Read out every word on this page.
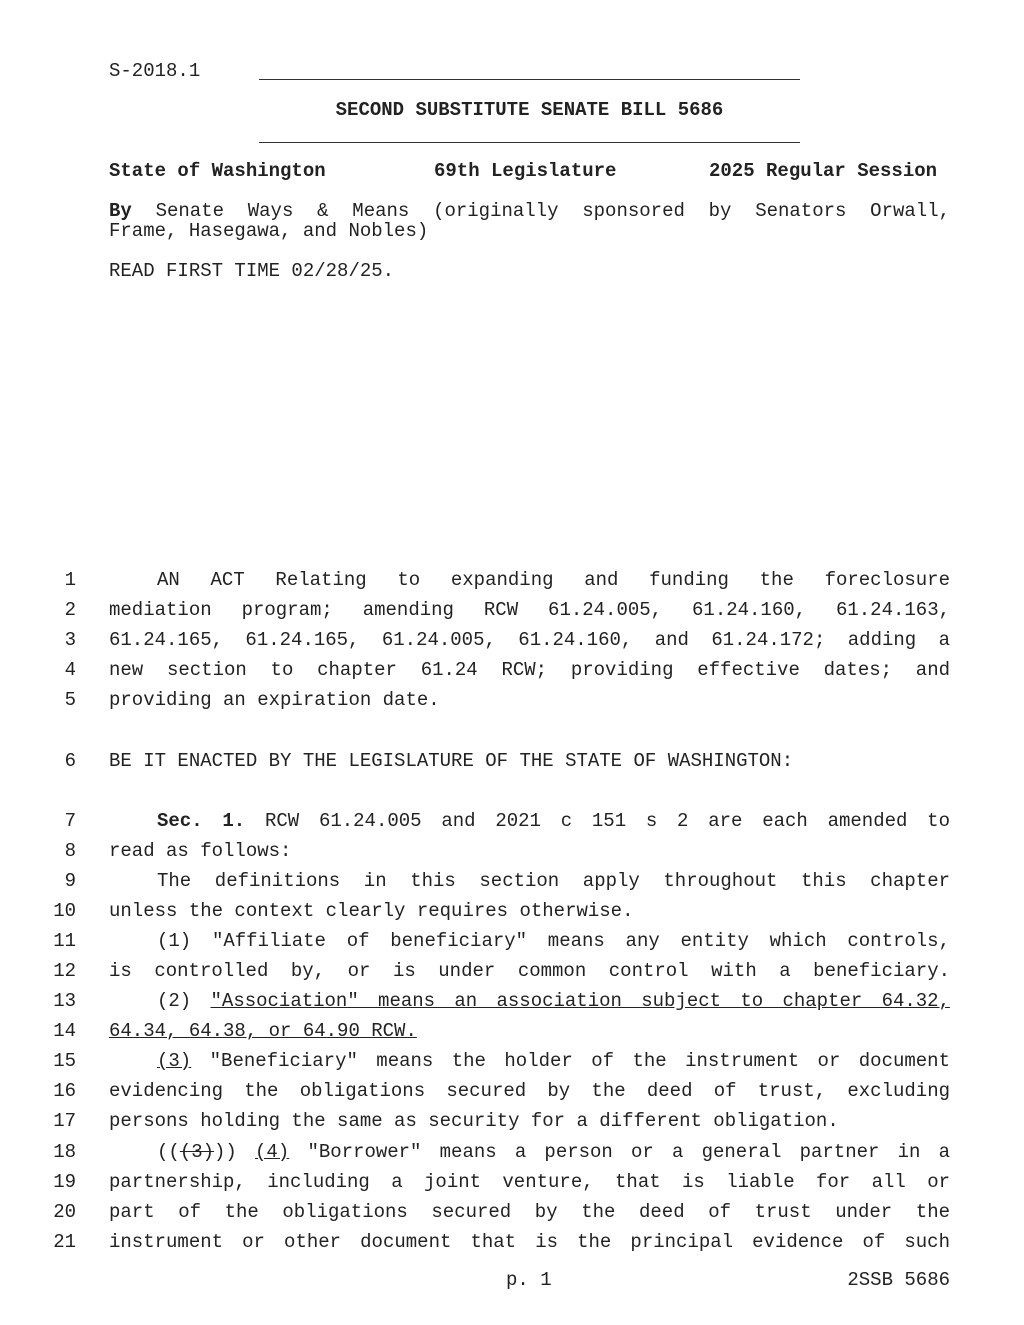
S-2018.1
SECOND SUBSTITUTE SENATE BILL 5686
State of Washington	69th Legislature	2025 Regular Session
By Senate Ways & Means (originally sponsored by Senators Orwall,
Frame, Hasegawa, and Nobles)
READ FIRST TIME 02/28/25.
1	AN ACT Relating to expanding and funding the foreclosure
2 mediation program; amending RCW 61.24.005, 61.24.160, 61.24.163,
3 61.24.165, 61.24.165, 61.24.005, 61.24.160, and 61.24.172; adding a
4 new section to chapter 61.24 RCW; providing effective dates; and
5 providing an expiration date.
6 BE IT ENACTED BY THE LEGISLATURE OF THE STATE OF WASHINGTON:
7	Sec. 1. RCW 61.24.005 and 2021 c 151 s 2 are each amended to
8 read as follows:
9	The definitions in this section apply throughout this chapter
10 unless the context clearly requires otherwise.
11	(1) "Affiliate of beneficiary" means any entity which controls,
12 is controlled by, or is under common control with a beneficiary.
13	(2) "Association" means an association subject to chapter 64.32,
14 64.34, 64.38, or 64.90 RCW.
15	(3) "Beneficiary" means the holder of the instrument or document
16 evidencing the obligations secured by the deed of trust, excluding
17 persons holding the same as security for a different obligation.
18	(((3))) (4) "Borrower" means a person or a general partner in a
19 partnership, including a joint venture, that is liable for all or
20 part of the obligations secured by the deed of trust under the
21 instrument or other document that is the principal evidence of such
p. 1	2SSB 5686
